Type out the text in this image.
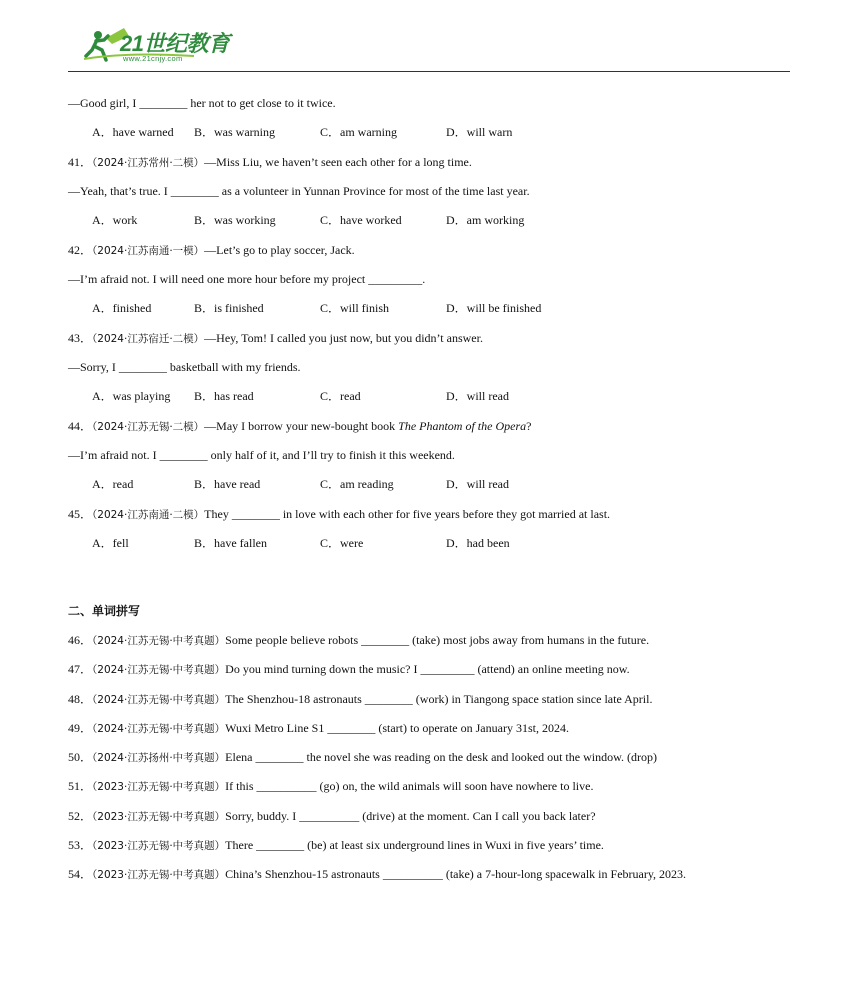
21世纪教育
www.21cnjy.com
—Good girl, I ________ her not to get close to it twice.
A．have warned B．was warning	C．am warning	D．will warn
41．（2024·江苏常州·二模）—Miss Liu, we haven’t seen each other for a long time.
—Yeah, that’s true. I ________ as a volunteer in Yunnan Province for most of the time last year.
A．work	B．was working	C．have worked	D．am working
42．（2024·江苏南通·一模）—Let’s go to play soccer, Jack.
—I’m afraid not. I will need one more hour before my project _________.
A．finished	B．is finished	C．will finish	D．will be finished
43．（2024·江苏宿迁·二模）—Hey, Tom! I called you just now, but you didn’t answer.
—Sorry, I ________ basketball with my friends.
A．was playing B．has read	C．read	D．will read
44．（2024·江苏无锡·二模）—May I borrow your new-bought book The Phantom of the Opera?
—I’m afraid not. I ________ only half of it, and I’ll try to finish it this weekend.
A．read	B．have read	C．am reading	D．will read
45．（2024·江苏南通·二模）They ________ in love with each other for five years before they got married at last.
A．fell	B．have fallen	C．were	D．had been
二、单词拼写
46．（2024·江苏无锡·中考真题）Some people believe robots ________ (take) most jobs away from humans in the future.
47．（2024·江苏无锡·中考真题）Do you mind turning down the music? I _________ (attend) an online meeting now.
48．（2024·江苏无锡·中考真题）The Shenzhou-18 astronauts ________ (work) in Tiangong space station since late April.
49．（2024·江苏无锡·中考真题）Wuxi Metro Line S1 ________ (start) to operate on January 31st, 2024.
50．（2024·江苏扬州·中考真题）Elena ________ the novel she was reading on the desk and looked out the window. (drop)
51．（2023·江苏无锡·中考真题）If this __________ (go) on, the wild animals will soon have nowhere to live.
52．（2023·江苏无锡·中考真题）Sorry, buddy. I __________ (drive) at the moment. Can I call you back later?
53．（2023·江苏无锡·中考真题）There ________ (be) at least six underground lines in Wuxi in five years’ time.
54．（2023·江苏无锡·中考真题）China’s Shenzhou-15 astronauts __________ (take) a 7-hour-long spacewalk in February, 2023.
